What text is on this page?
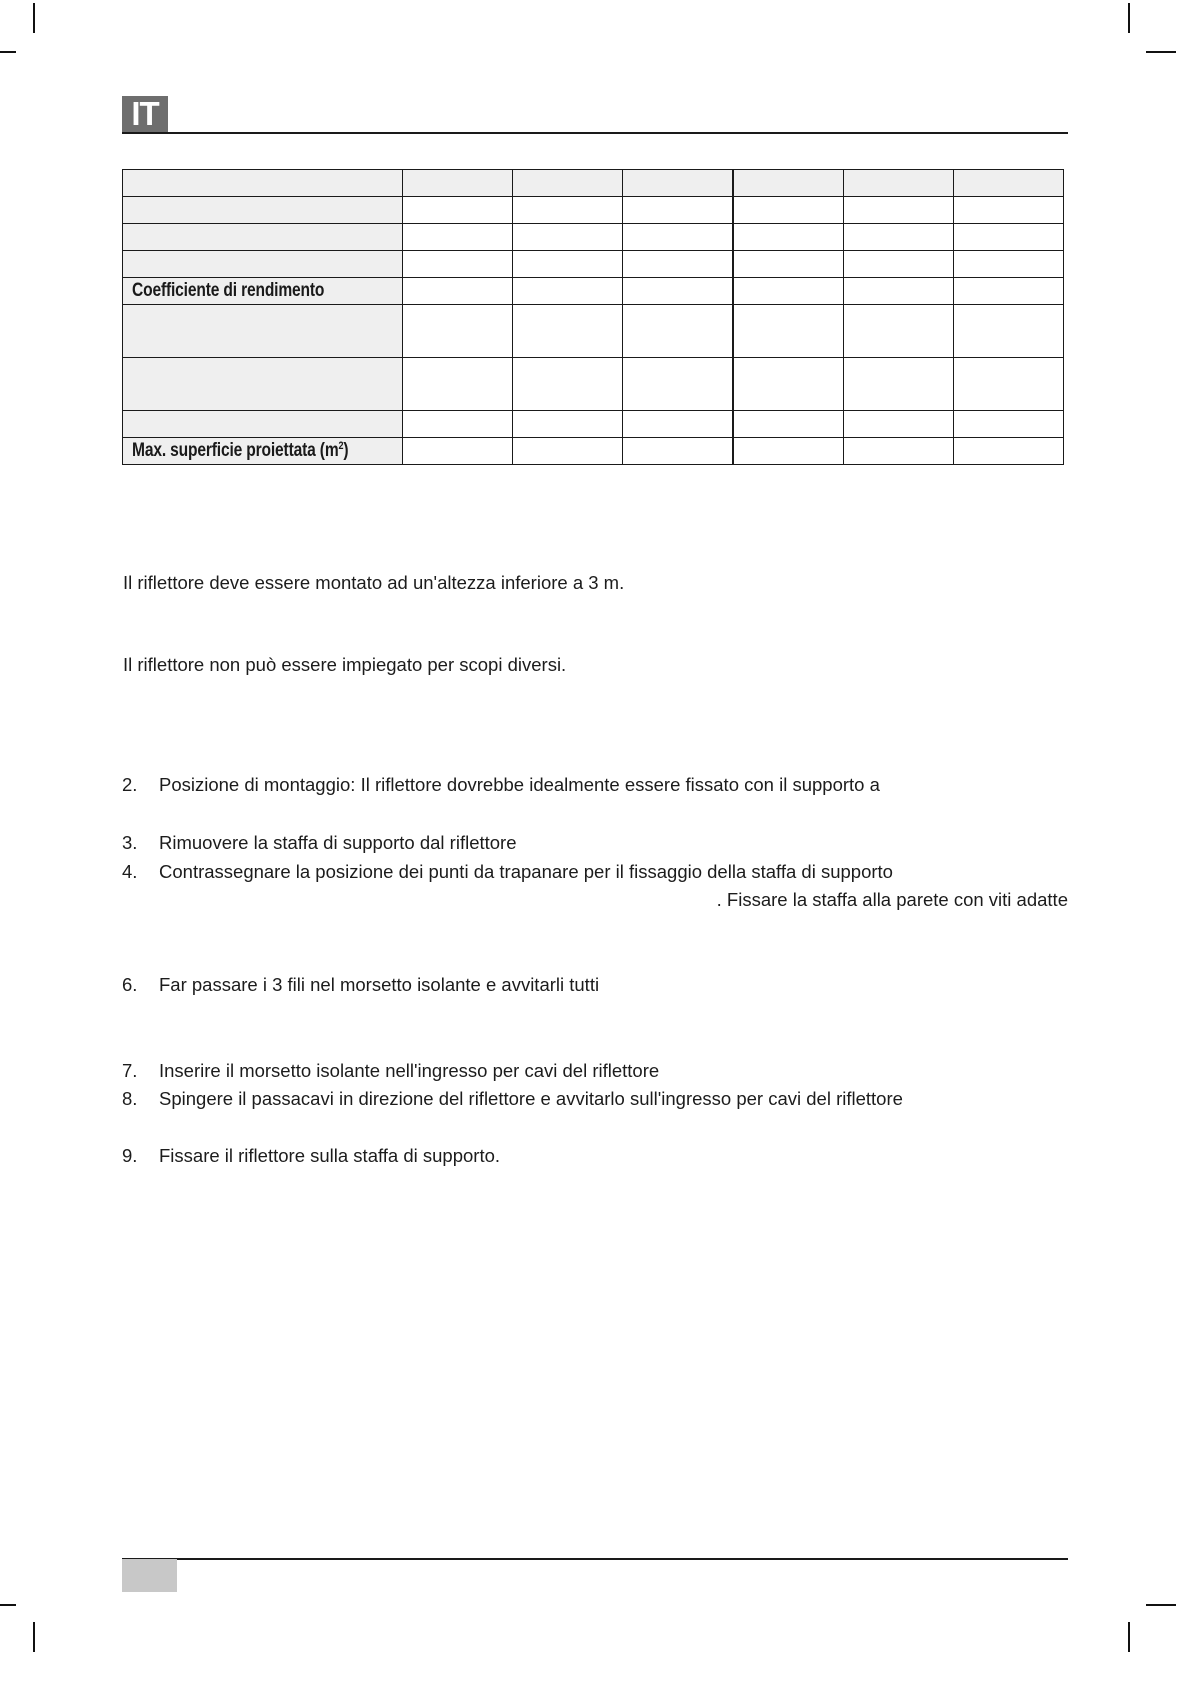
IT

Coefficiente di rendimento						

Max. superficie proiettata $(m^2)$						
Il riflettore deve essere montato ad un'altezza inferiore a 3 m.
Il riflettore non può essere impiegato per scopi diversi.
2. Posizione di montaggio: Il riflettore dovrebbe idealmente essere fissato con il supporto a
3. Rimuovere la staffa di supporto dal riflettore
4. Contrassegnare la posizione dei punti da trapanare per il fissaggio della staffa di supporto
. Fissare la staffa alla parete con viti adatte
6. Far passare i 3 fili nel morsetto isolante e avvitarli tutti
7. Inserire il morsetto isolante nell'ingresso per cavi del riflettore
8. Spingere il passacavi in direzione del riflettore e avvitarlo sull'ingresso per cavi del riflettore
9. Fissare il riflettore sulla staffa di supporto.
